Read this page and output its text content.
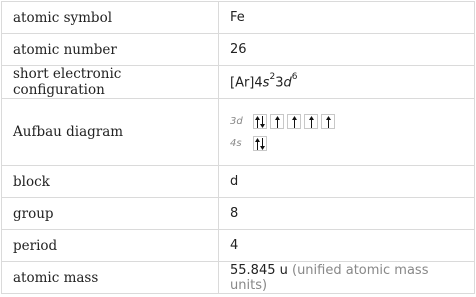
atomic symbol	Fe
atomic number	26
short electronic configuration	$[Ar]4s^23d^6$
Aufbau diagram	3d
4s

block	d
group	8
period	4
atomic mass	55.845 u (unified atomic mass units)
